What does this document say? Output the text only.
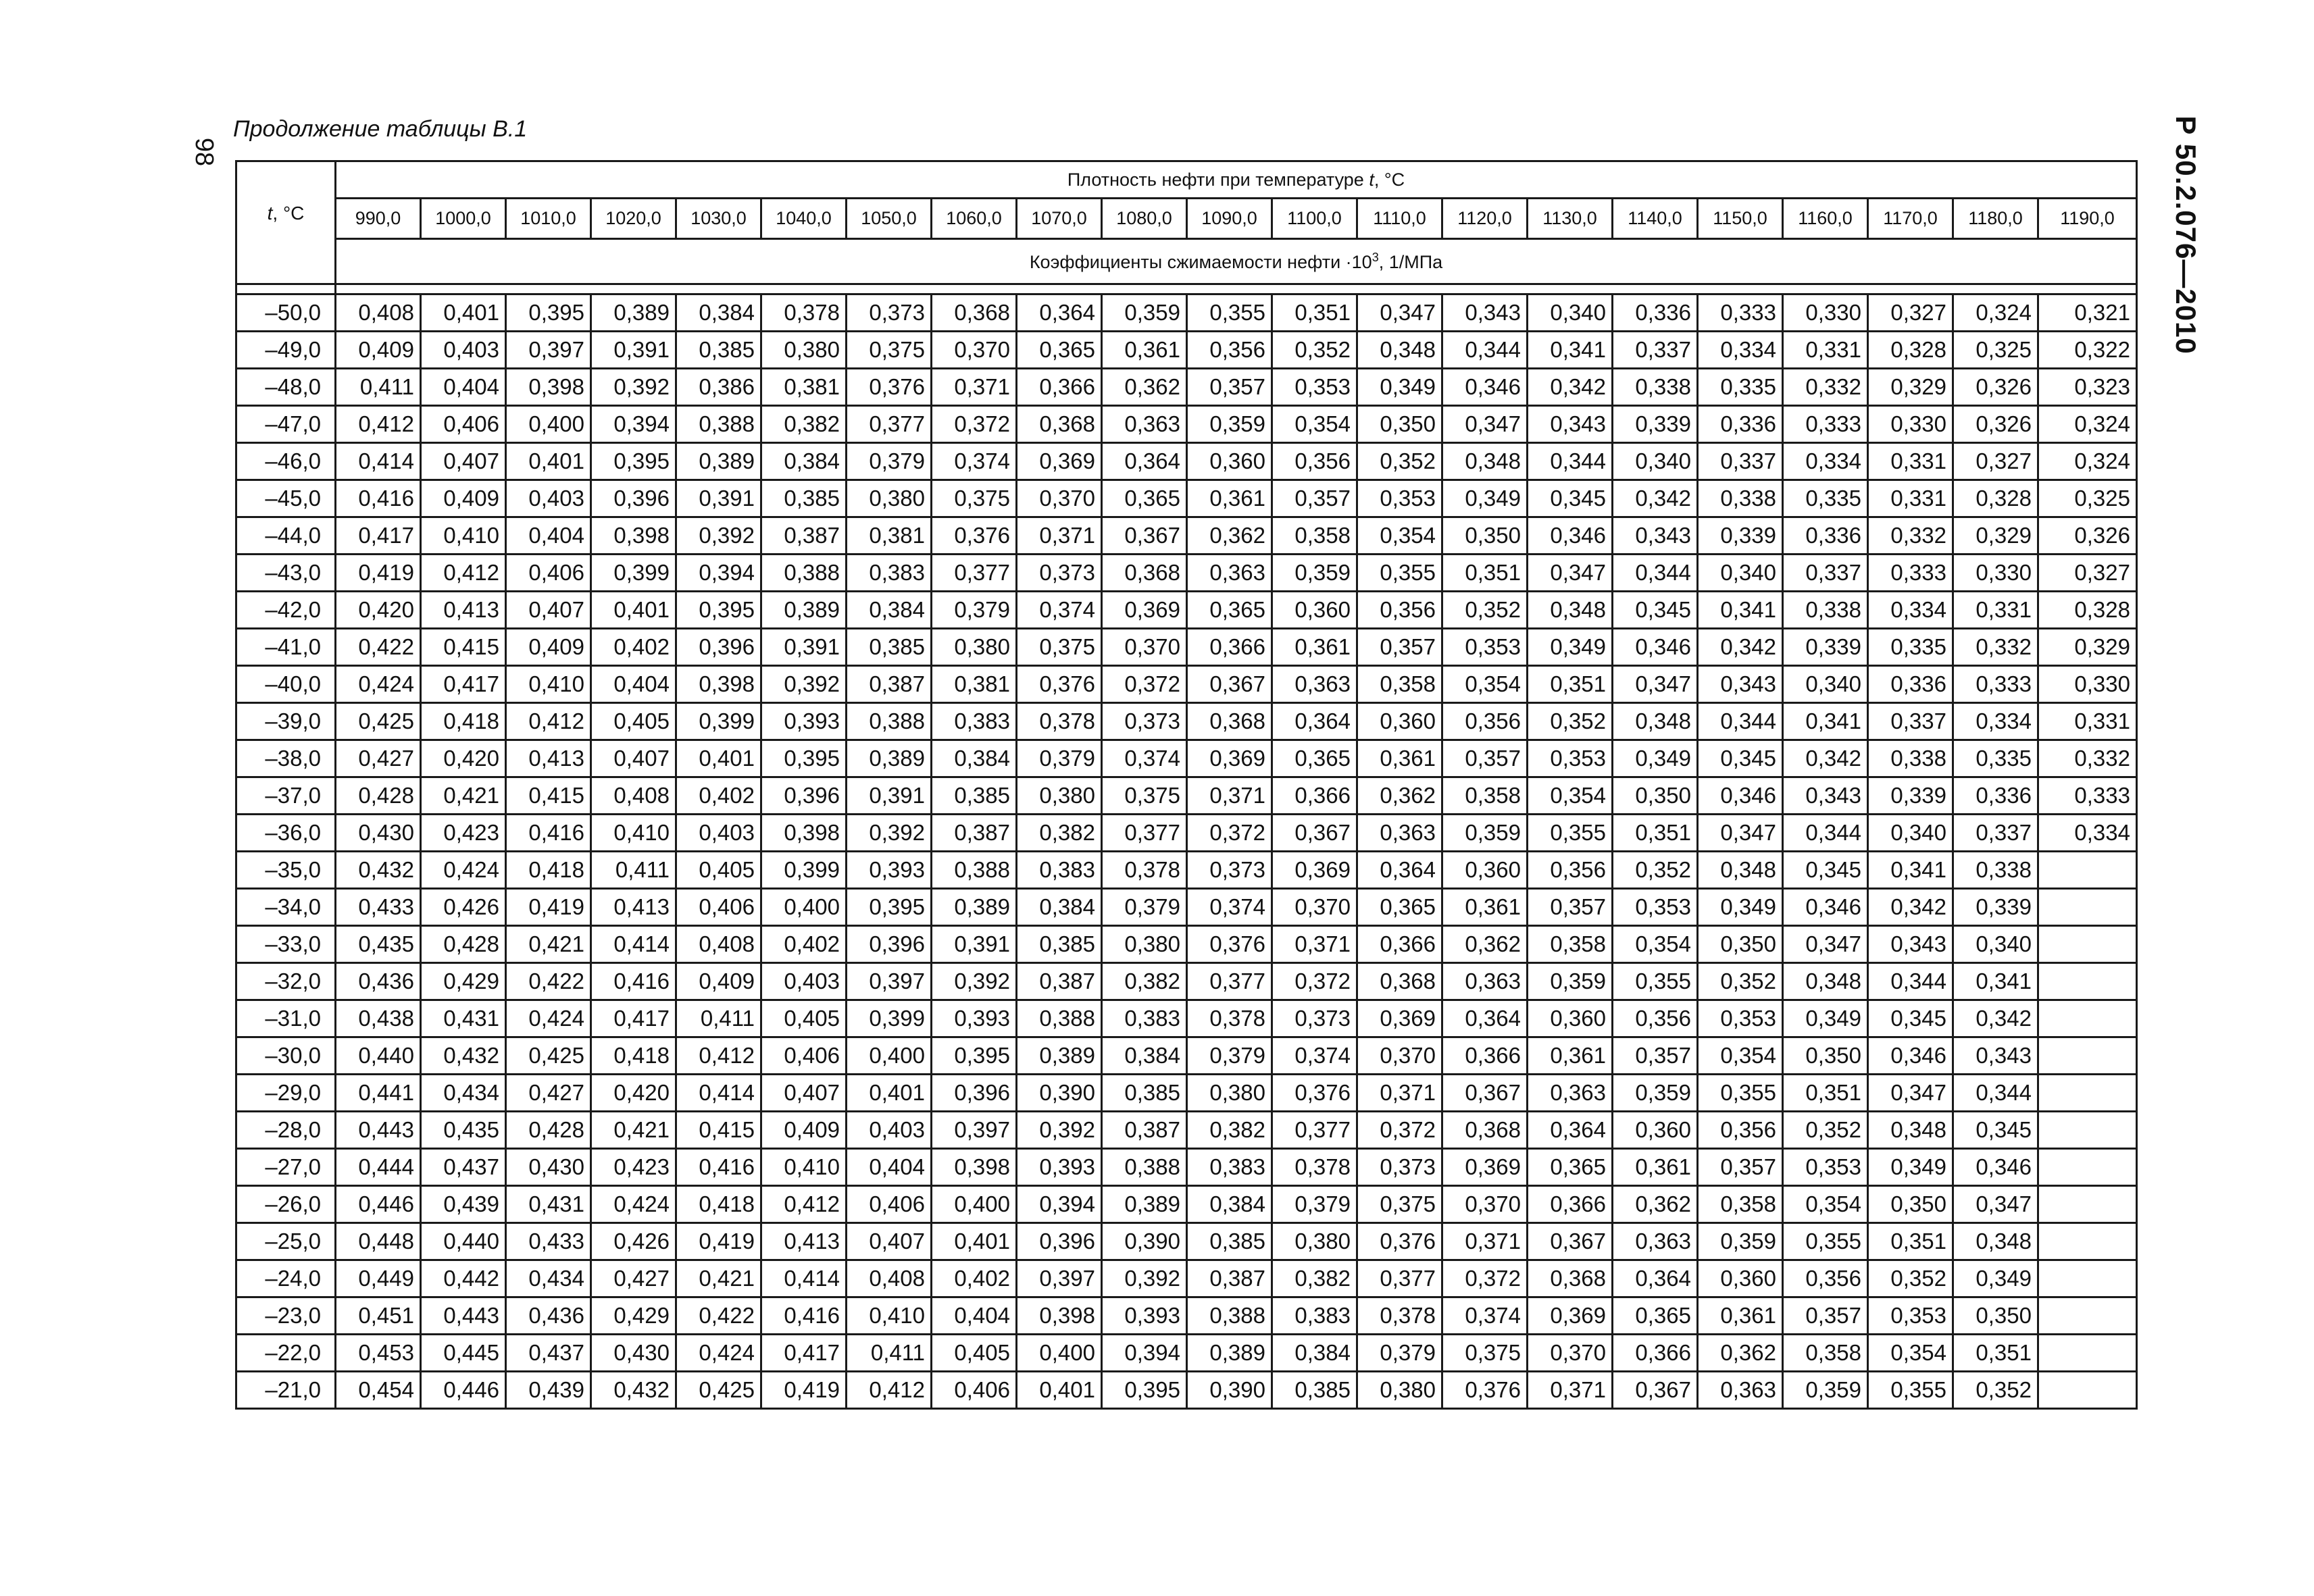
98
Продолжение таблицы В.1	Р 50.2.076—2010
t, °С	Плотность нефти при температуре t, °С																				
	990,0	1000,0	1010,0	1020,0	1030,0	1040,0	1050,0	1060,0	1070,0	1080,0	1090,0	1100,0	1110,0	1120,0	1130,0	1140,0	1150,0	1160,0	1170,0	1180,0	1190,0
	Коэффициенты сжимаемости нефти $\cdot 10^3$, 1/МПа																				

–50,0	0,408	0,401	0,395	0,389	0,384	0,378	0,373	0,368	0,364	0,359	0,355	0,351	0,347	0,343	0,340	0,336	0,333	0,330	0,327	0,324	0,321
–49,0	0,409	0,403	0,397	0,391	0,385	0,380	0,375	0,370	0,365	0,361	0,356	0,352	0,348	0,344	0,341	0,337	0,334	0,331	0,328	0,325	0,322
–48,0	0,411	0,404	0,398	0,392	0,386	0,381	0,376	0,371	0,366	0,362	0,357	0,353	0,349	0,346	0,342	0,338	0,335	0,332	0,329	0,326	0,323
–47,0	0,412	0,406	0,400	0,394	0,388	0,382	0,377	0,372	0,368	0,363	0,359	0,354	0,350	0,347	0,343	0,339	0,336	0,333	0,330	0,326	0,324
–46,0	0,414	0,407	0,401	0,395	0,389	0,384	0,379	0,374	0,369	0,364	0,360	0,356	0,352	0,348	0,344	0,340	0,337	0,334	0,331	0,327	0,324
–45,0	0,416	0,409	0,403	0,396	0,391	0,385	0,380	0,375	0,370	0,365	0,361	0,357	0,353	0,349	0,345	0,342	0,338	0,335	0,331	0,328	0,325
–44,0	0,417	0,410	0,404	0,398	0,392	0,387	0,381	0,376	0,371	0,367	0,362	0,358	0,354	0,350	0,346	0,343	0,339	0,336	0,332	0,329	0,326
–43,0	0,419	0,412	0,406	0,399	0,394	0,388	0,383	0,377	0,373	0,368	0,363	0,359	0,355	0,351	0,347	0,344	0,340	0,337	0,333	0,330	0,327
–42,0	0,420	0,413	0,407	0,401	0,395	0,389	0,384	0,379	0,374	0,369	0,365	0,360	0,356	0,352	0,348	0,345	0,341	0,338	0,334	0,331	0,328
–41,0	0,422	0,415	0,409	0,402	0,396	0,391	0,385	0,380	0,375	0,370	0,366	0,361	0,357	0,353	0,349	0,346	0,342	0,339	0,335	0,332	0,329
–40,0	0,424	0,417	0,410	0,404	0,398	0,392	0,387	0,381	0,376	0,372	0,367	0,363	0,358	0,354	0,351	0,347	0,343	0,340	0,336	0,333	0,330
–39,0	0,425	0,418	0,412	0,405	0,399	0,393	0,388	0,383	0,378	0,373	0,368	0,364	0,360	0,356	0,352	0,348	0,344	0,341	0,337	0,334	0,331
–38,0	0,427	0,420	0,413	0,407	0,401	0,395	0,389	0,384	0,379	0,374	0,369	0,365	0,361	0,357	0,353	0,349	0,345	0,342	0,338	0,335	0,332
–37,0	0,428	0,421	0,415	0,408	0,402	0,396	0,391	0,385	0,380	0,375	0,371	0,366	0,362	0,358	0,354	0,350	0,346	0,343	0,339	0,336	0,333
–36,0	0,430	0,423	0,416	0,410	0,403	0,398	0,392	0,387	0,382	0,377	0,372	0,367	0,363	0,359	0,355	0,351	0,347	0,344	0,340	0,337	0,334
–35,0	0,432	0,424	0,418	0,411	0,405	0,399	0,393	0,388	0,383	0,378	0,373	0,369	0,364	0,360	0,356	0,352	0,348	0,345	0,341	0,338	
–34,0	0,433	0,426	0,419	0,413	0,406	0,400	0,395	0,389	0,384	0,379	0,374	0,370	0,365	0,361	0,357	0,353	0,349	0,346	0,342	0,339	
–33,0	0,435	0,428	0,421	0,414	0,408	0,402	0,396	0,391	0,385	0,380	0,376	0,371	0,366	0,362	0,358	0,354	0,350	0,347	0,343	0,340	
–32,0	0,436	0,429	0,422	0,416	0,409	0,403	0,397	0,392	0,387	0,382	0,377	0,372	0,368	0,363	0,359	0,355	0,352	0,348	0,344	0,341	
–31,0	0,438	0,431	0,424	0,417	0,411	0,405	0,399	0,393	0,388	0,383	0,378	0,373	0,369	0,364	0,360	0,356	0,353	0,349	0,345	0,342	
–30,0	0,440	0,432	0,425	0,418	0,412	0,406	0,400	0,395	0,389	0,384	0,379	0,374	0,370	0,366	0,361	0,357	0,354	0,350	0,346	0,343	
–29,0	0,441	0,434	0,427	0,420	0,414	0,407	0,401	0,396	0,390	0,385	0,380	0,376	0,371	0,367	0,363	0,359	0,355	0,351	0,347	0,344	
–28,0	0,443	0,435	0,428	0,421	0,415	0,409	0,403	0,397	0,392	0,387	0,382	0,377	0,372	0,368	0,364	0,360	0,356	0,352	0,348	0,345	
–27,0	0,444	0,437	0,430	0,423	0,416	0,410	0,404	0,398	0,393	0,388	0,383	0,378	0,373	0,369	0,365	0,361	0,357	0,353	0,349	0,346	
–26,0	0,446	0,439	0,431	0,424	0,418	0,412	0,406	0,400	0,394	0,389	0,384	0,379	0,375	0,370	0,366	0,362	0,358	0,354	0,350	0,347	
–25,0	0,448	0,440	0,433	0,426	0,419	0,413	0,407	0,401	0,396	0,390	0,385	0,380	0,376	0,371	0,367	0,363	0,359	0,355	0,351	0,348	
–24,0	0,449	0,442	0,434	0,427	0,421	0,414	0,408	0,402	0,397	0,392	0,387	0,382	0,377	0,372	0,368	0,364	0,360	0,356	0,352	0,349	
–23,0	0,451	0,443	0,436	0,429	0,422	0,416	0,410	0,404	0,398	0,393	0,388	0,383	0,378	0,374	0,369	0,365	0,361	0,357	0,353	0,350	
–22,0	0,453	0,445	0,437	0,430	0,424	0,417	0,411	0,405	0,400	0,394	0,389	0,384	0,379	0,375	0,370	0,366	0,362	0,358	0,354	0,351	
–21,0	0,454	0,446	0,439	0,432	0,425	0,419	0,412	0,406	0,401	0,395	0,390	0,385	0,380	0,376	0,371	0,367	0,363	0,359	0,355	0,352	
